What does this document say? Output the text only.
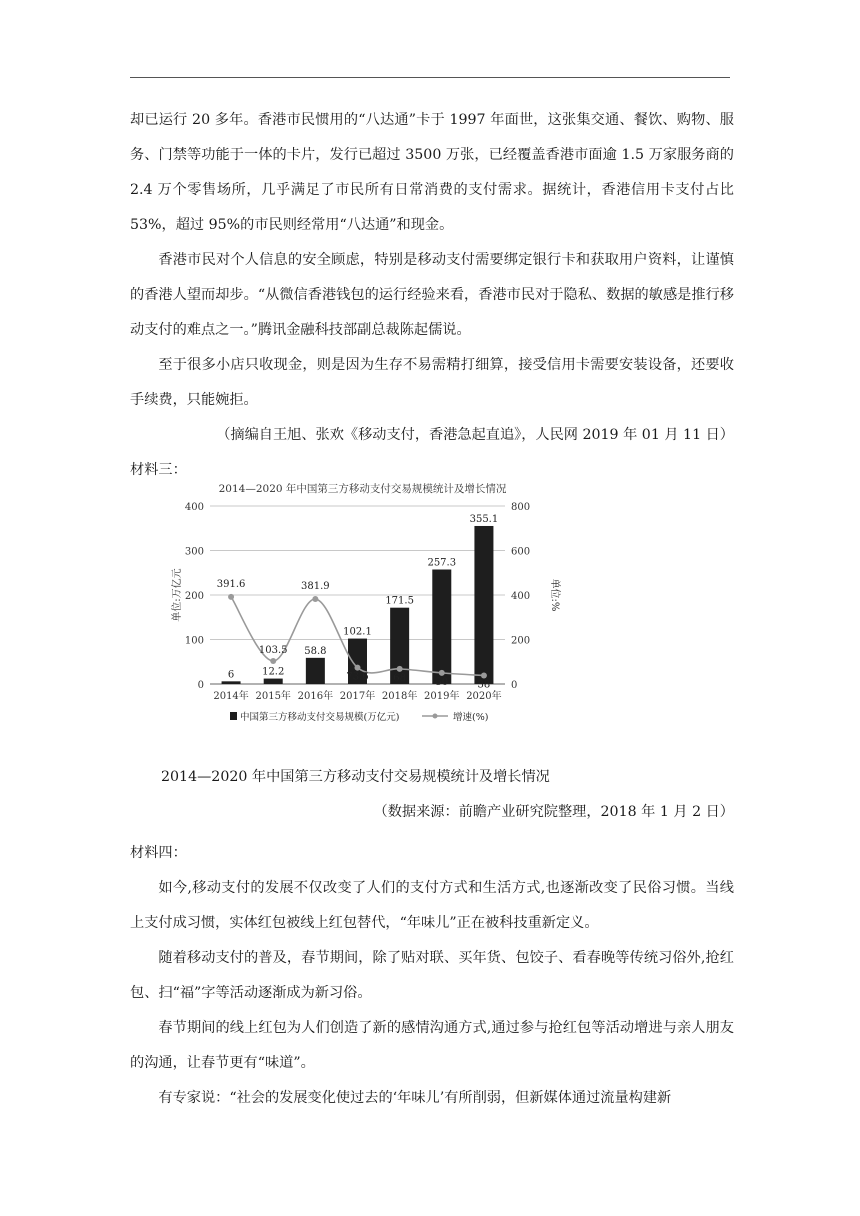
却已运行 20 多年。香港市民惯用的“八达通”卡于 1997 年面世，这张集交通、餐饮、购物、服务、门禁等功能于一体的卡片，发行已超过 3500 万张，已经覆盖香港市面逾 1.5 万家服务商的 2.4 万个零售场所，几乎满足了市民所有日常消费的支付需求。据统计，香港信用卡支付占比 53%，超过 95%的市民则经常用“八达通”和现金。

香港市民对个人信息的安全顾虑，特别是移动支付需要绑定银行卡和获取用户资料，让谨慎的香港人望而却步。“从微信香港钱包的运行经验来看，香港市民对于隐私、数据的敏感是推行移动支付的难点之一。”腾讯金融科技部副总裁陈起儒说。

至于很多小店只收现金，则是因为生存不易需精打细算，接受信用卡需要安装设备，还要收手续费，只能婉拒。

（摘编自王旭、张欢《移动支付，香港急起直追》，人民网 2019 年 01 月 11 日）

材料三：

2014—2020 年中国第三方移动支付交易规模统计及增长情况
0
100
200
300
400
0
200
400
600
800
单位:万亿元	单位:%
6	12.2
58.8
102.1
171.5
257.3
355.1
391.6
103.5
381.9
73.6 68	50	38
2014年 2015年 2016年 2017年 2018年 2019年 2020年
中国第三方移动支付交易规模(万亿元)	增速(%)
2014—2020 年中国第三方移动支付交易规模统计及增长情况
（数据来源：前瞻产业研究院整理，2018 年 1 月 2 日）

材料四：

如今,移动支付的发展不仅改变了人们的支付方式和生活方式,也逐渐改变了民俗习惯。当线上支付成习惯，实体红包被线上红包替代，“年味儿”正在被科技重新定义。

随着移动支付的普及，春节期间，除了贴对联、买年货、包饺子、看春晚等传统习俗外,抢红包、扫“福”字等活动逐渐成为新习俗。

春节期间的线上红包为人们创造了新的感情沟通方式,通过参与抢红包等活动增进与亲人朋友的沟通，让春节更有“味道”。

有专家说：“社会的发展变化使过去的‘年味儿’有所削弱，但新媒体通过流量构建新
